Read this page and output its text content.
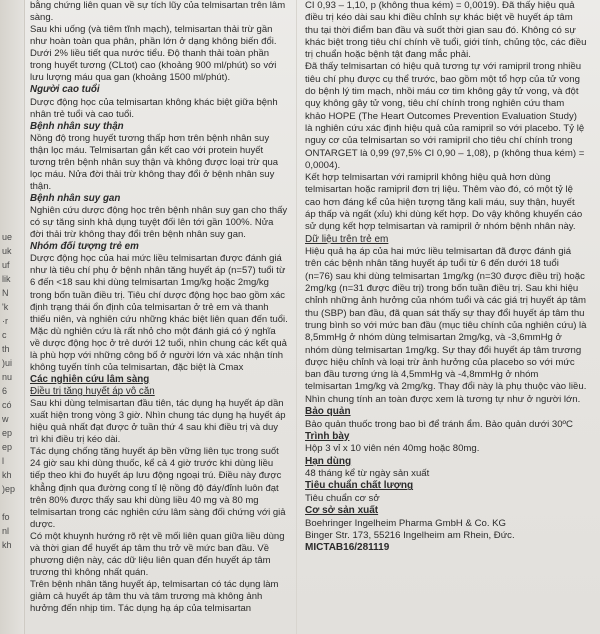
ue
uk
uf
lik
N
'k
·r
c
th
)ui
nu
6
có
w
ep
ep
l
kh
)ep

fo
nl
kh

bằng chứng liên quan về sự tích lũy của telmisartan trên lâm sàng.

Sau khi uống (và tiêm tĩnh mạch), telmisartan thải trừ gần như hoàn toàn qua phân, phần lớn ở dạng không biến đổi. Dưới 2% liều tiết qua nước tiểu. Độ thanh thải toàn phần trong huyết tương (CLtot) cao (khoảng 900 ml/phút) so với lưu lượng máu qua gan (khoảng 1500 ml/phút).

Người cao tuổi

Dược động học của telmisartan không khác biệt giữa bệnh nhân trẻ tuổi và cao tuổi.

Bệnh nhân suy thận

Nồng độ trong huyết tương thấp hơn trên bệnh nhân suy thận lọc máu. Telmisartan gắn kết cao với protein huyết tương trên bệnh nhân suy thận và không được loại trừ qua lọc máu. Nửa đời thải trừ không thay đổi ở bệnh nhân suy thận.

Bệnh nhân suy gan

Nghiên cứu dược động học trên bệnh nhân suy gan cho thấy có sự tăng sinh khả dụng tuyệt đối lên tới gần 100%. Nửa đời thải trừ không thay đổi trên bệnh nhân suy gan.

Nhóm đối tượng trẻ em

Dược động học của hai mức liều telmisartan được đánh giá như là tiêu chí phụ ở bệnh nhân tăng huyết áp (n=57) tuổi từ 6 đến <18 sau khi dùng telmisartan 1mg/kg hoặc 2mg/kg trong bốn tuần điều trị. Tiêu chí dược động học bao gồm xác định trạng thái ổn định của telmisartan ở trẻ em và thanh thiếu niên, và nghiên cứu những khác biệt liên quan đến tuổi. Mặc dù nghiên cứu là rất nhỏ cho một đánh giá có ý nghĩa về dược động học ở trẻ dưới 12 tuổi, nhìn chung các kết quả là phù hợp với những công bố ở người lớn và xác nhận tính không tuyến tính của telmisartan, đặc biệt là Cmax

Các nghiên cứu lâm sàng

Điều trị tăng huyết áp vô căn

Sau khi dùng telmisartan đầu tiên, tác dụng hạ huyết áp dần xuất hiện trong vòng 3 giờ. Nhìn chung tác dụng hạ huyết áp hiệu quả nhất đạt được ở tuần thứ 4 sau khi điều trị và duy trì khi điều trị kéo dài.

Tác dụng chống tăng huyết áp bền vững liên tục trong suốt 24 giờ sau khi dùng thuốc, kể cả 4 giờ trước khi dùng liều tiếp theo khi đo huyết áp lưu động ngoại trú. Điều này được khẳng định qua đường cong tỉ lệ nồng độ đáy/đỉnh luôn đạt trên 80% được thấy sau khi dùng liều 40 mg và 80 mg telmisartan trong các nghiên cứu lâm sàng đối chứng với giả dược.

Có một khuynh hướng rõ rệt về mối liên quan giữa liều dùng và thời gian để huyết áp tâm thu trở về mức ban đầu. Về phương diện này, các dữ liệu liên quan đến huyết áp tâm trương thì không nhất quán.

Trên bệnh nhân tăng huyết áp, telmisartan có tác dụng làm giảm cả huyết áp tâm thu và tâm trương mà không ảnh hưởng đến nhịp tim. Tác dụng hạ áp của telmisartan

CI 0,93 – 1,10, p (không thua kém) = 0,0019). Đã thấy hiệu quả điều trị kéo dài sau khi điều chỉnh sự khác biệt về huyết áp tâm thu tại thời điểm ban đầu và suốt thời gian sau đó. Không có sự khác biệt trong tiêu chí chính về tuổi, giới tính, chủng tộc, các điều trị chuẩn hoặc bệnh tật đang mắc phải.

Đã thấy telmisartan có hiệu quả tương tự với ramipril trong nhiều tiêu chí phụ được cụ thể trước, bao gồm một tổ hợp của tử vong do bệnh lý tim mạch, nhồi máu cơ tim không gây tử vong, và đột quỵ không gây tử vong, tiêu chí chính trong nghiên cứu tham khảo HOPE (The Heart Outcomes Prevention Evaluation Study) là nghiên cứu xác định hiệu quả của ramipril so với placebo. Tỷ lệ nguy cơ của telmisartan so với ramipril cho tiêu chí chính trong ONTARGET là 0,99 (97,5% CI 0,90 – 1,08), p (không thua kém) = 0,0004).

Kết hợp telmisartan với ramipril không hiệu quả hơn dùng telmisartan hoặc ramipril đơn trị liệu. Thêm vào đó, có một tỷ lệ cao hơn đáng kể của hiện tượng tăng kali máu, suy thận, huyết áp thấp và ngất (xỉu) khi dùng kết hợp. Do vậy không khuyến cáo sử dụng kết hợp telmisartan và ramipril ở nhóm bệnh nhân này.

Dữ liệu trên trẻ em

Hiệu quả hạ áp của hai mức liều telmisartan đã được đánh giá trên các bệnh nhân tăng huyết áp tuổi từ 6 đến dưới 18 tuổi (n=76) sau khi dùng telmisartan 1mg/kg (n=30 được điều trị) hoặc 2mg/kg (n=31 được điều trị) trong bốn tuần điều trị. Sau khi hiệu chỉnh những ảnh hưởng của nhóm tuổi và các giá trị huyết áp tâm thu (SBP) ban đầu, đã quan sát thấy sự thay đổi huyết áp tâm thu trung bình so với mức ban đầu (mục tiêu chính của nghiên cứu) là 8,5mmHg ở nhóm dùng telmisartan 2mg/kg, và -3,6mmHg ở nhóm dùng telmisartan 1mg/kg. Sự thay đổi huyết áp tâm trương được hiệu chỉnh và loại trừ ảnh hưởng của placebo so với mức ban đầu tương ứng là 4,5mmHg và -4,8mmHg ở nhóm telmisartan 1mg/kg và 2mg/kg. Thay đổi này là phụ thuộc vào liều. Nhìn chung tính an toàn được xem là tương tự như ở người lớn.

Bảo quản

Bảo quản thuốc trong bao bì để tránh ẩm. Bảo quản dưới 30ºC

Trình bày

Hộp 3 vỉ x 10 viên nén 40mg hoặc 80mg.

Hạn dùng

48 tháng kể từ ngày sản xuất

Tiêu chuẩn chất lượng

Tiêu chuẩn cơ sở

Cơ sở sản xuất

Boehringer Ingelheim Pharma GmbH & Co. KG

Binger Str. 173, 55216 Ingelheim am Rhein, Đức.

MICTAB16/281119
